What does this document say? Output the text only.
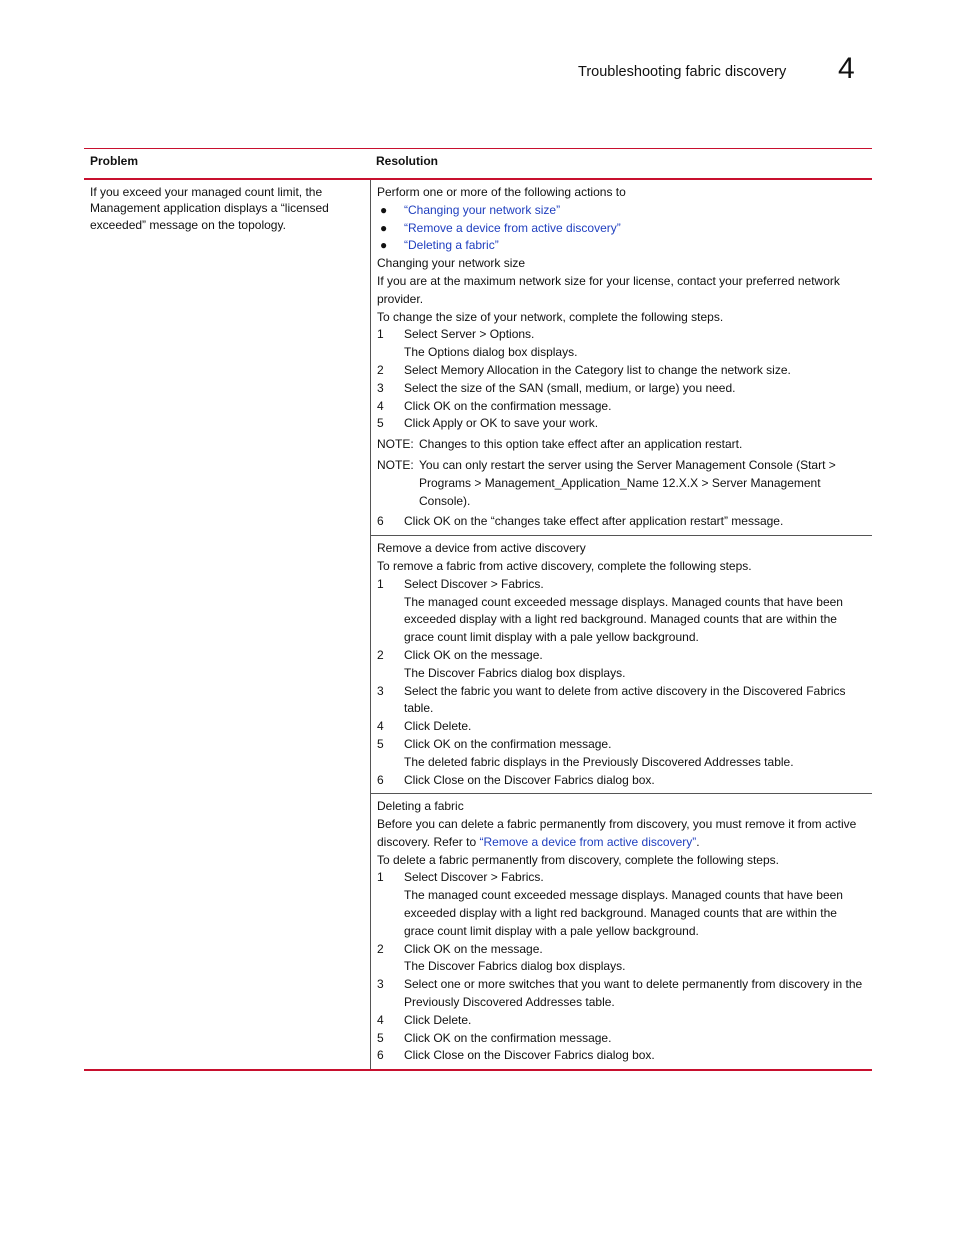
Troubleshooting fabric discovery 4
Problem	Resolution
If you exceed your managed count limit, the Management application displays a “licensed exceeded” message on the topology.

Perform one or more of the following actions to

● “Changing your network size”
● “Remove a device from active discovery”
● “Deleting a fabric”

Changing your network size

If you are at the maximum network size for your license, contact your preferred network provider.

To change the size of your network, complete the following steps.

1 Select Server > Options.
The Options dialog box displays.
2 Select Memory Allocation in the Category list to change the network size.
3 Select the size of the SAN (small, medium, or large) you need.
4 Click OK on the confirmation message.
5 Click Apply or OK to save your work.
NOTE: Changes to this option take effect after an application restart.
NOTE: You can only restart the server using the Server Management Console (Start > Programs > Management_Application_Name 12.X.X > Server Management Console).
6 Click OK on the “changes take effect after application restart” message.

Remove a device from active discovery

To remove a fabric from active discovery, complete the following steps.

1 Select Discover > Fabrics.
The managed count exceeded message displays. Managed counts that have been exceeded display with a light red background. Managed counts that are within the grace count limit display with a pale yellow background.
2 Click OK on the message.
The Discover Fabrics dialog box displays.
3 Select the fabric you want to delete from active discovery in the Discovered Fabrics table.
4 Click Delete.
5 Click OK on the confirmation message.
The deleted fabric displays in the Previously Discovered Addresses table.
6 Click Close on the Discover Fabrics dialog box.

Deleting a fabric

Before you can delete a fabric permanently from discovery, you must remove it from active discovery. Refer to “Remove a device from active discovery”.

To delete a fabric permanently from discovery, complete the following steps.

1 Select Discover > Fabrics.
The managed count exceeded message displays. Managed counts that have been exceeded display with a light red background. Managed counts that are within the grace count limit display with a pale yellow background.
2 Click OK on the message.
The Discover Fabrics dialog box displays.
3 Select one or more switches that you want to delete permanently from discovery in the Previously Discovered Addresses table.
4 Click Delete.
5 Click OK on the confirmation message.
6 Click Close on the Discover Fabrics dialog box.
